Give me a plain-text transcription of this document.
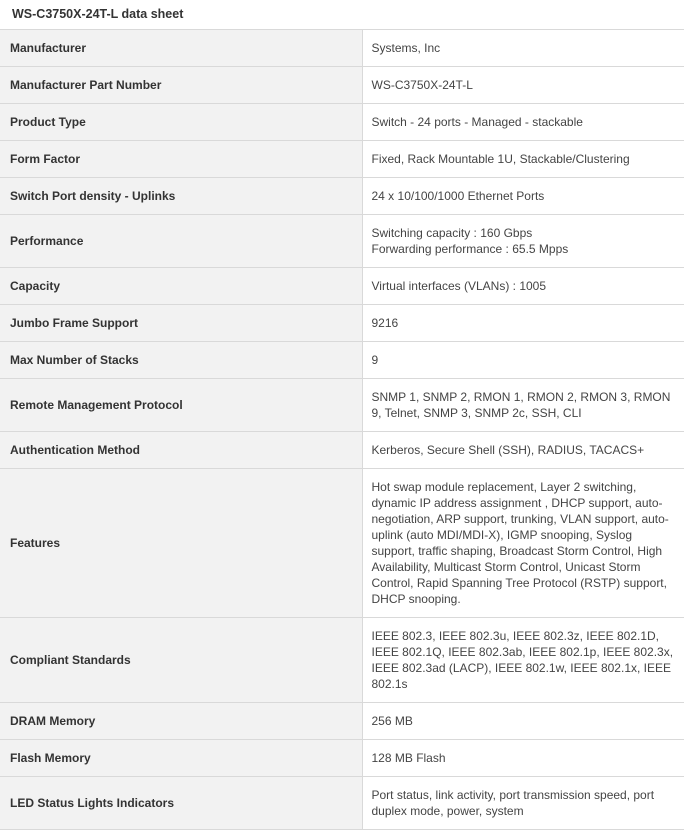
WS-C3750X-24T-L data sheet
Manufacturer	Systems, Inc

Manufacturer Part Number	WS-C3750X-24T-L

Product Type	Switch - 24 ports - Managed - stackable

Form Factor	Fixed, Rack Mountable 1U, Stackable/Clustering

Switch Port density - Uplinks	24 x 10/100/1000 Ethernet Ports

Performance	Switching capacity : 160 Gbps
Forwarding performance : 65.5 Mpps

Capacity	Virtual interfaces (VLANs) : 1005

Jumbo Frame Support	9216

Max Number of Stacks	9

Remote Management Protocol	SNMP 1, SNMP 2, RMON 1, RMON 2, RMON 3, RMON 9, Telnet, SNMP 3, SNMP 2c, SSH, CLI

Authentication Method	Kerberos, Secure Shell (SSH), RADIUS, TACACS+

Features	Hot swap module replacement, Layer 2 switching, dynamic IP address assignment , DHCP support, auto-negotiation, ARP support, trunking, VLAN support, auto-uplink (auto MDI/MDI-X), IGMP snooping, Syslog support, traffic shaping, Broadcast Storm Control, High Availability, Multicast Storm Control, Unicast Storm Control, Rapid Spanning Tree Protocol (RSTP) support, DHCP snooping.

Compliant Standards	IEEE 802.3, IEEE 802.3u, IEEE 802.3z, IEEE 802.1D, IEEE 802.1Q, IEEE 802.3ab, IEEE 802.1p, IEEE 802.3x, IEEE 802.3ad (LACP), IEEE 802.1w, IEEE 802.1x, IEEE 802.1s

DRAM Memory	256 MB

Flash Memory	128 MB Flash

LED Status Lights Indicators	Port status, link activity, port transmission speed, port duplex mode, power, system
